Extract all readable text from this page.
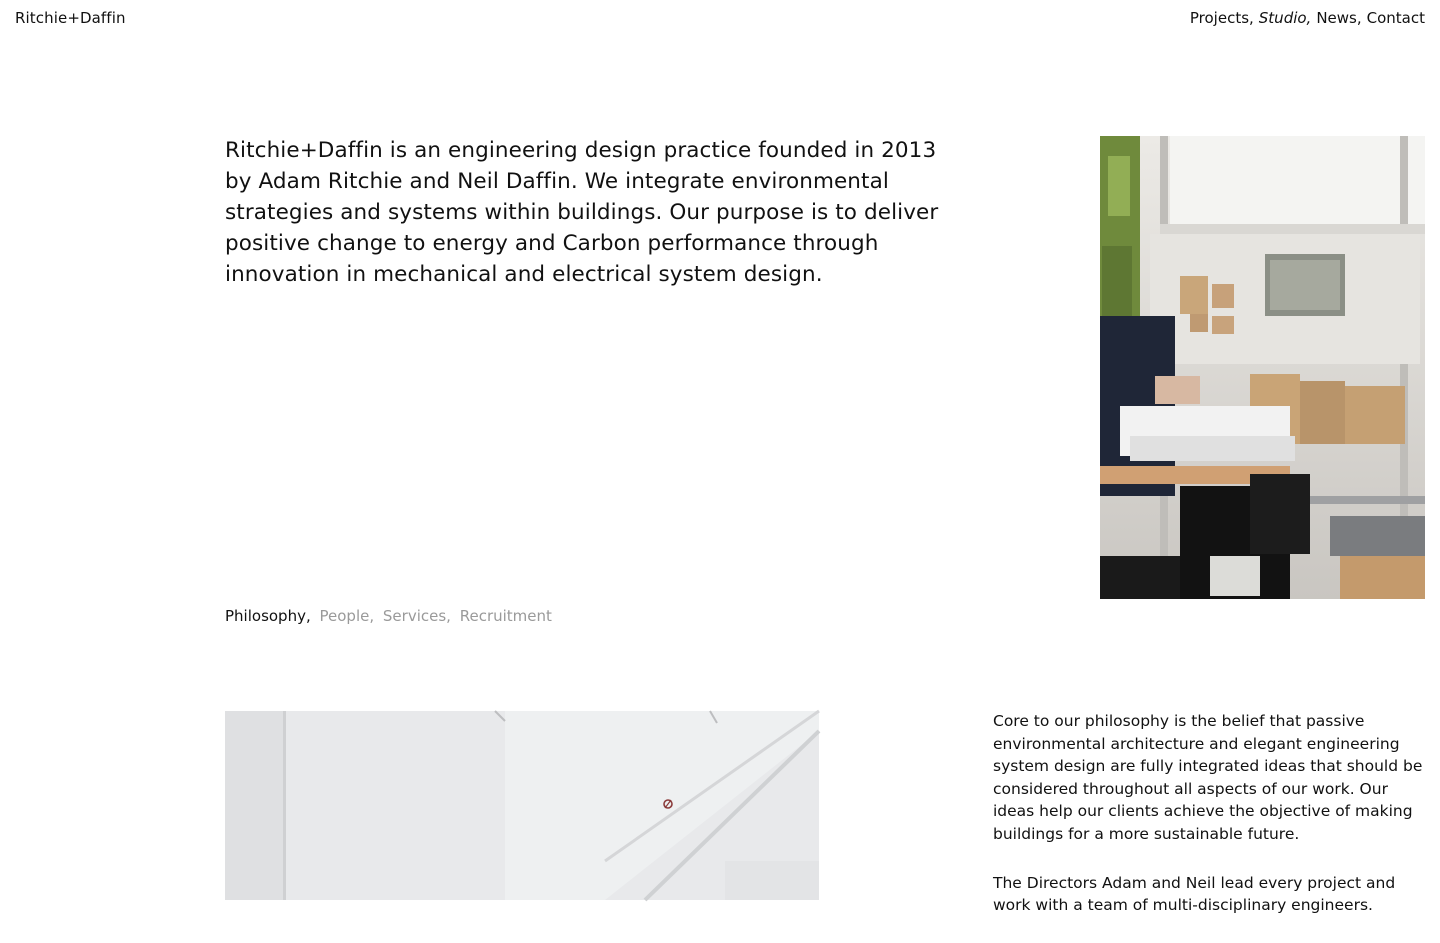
Ritchie+Daffin	Projects, Studio, News, Contact
Ritchie+Daffin is an engineering design practice founded in 2013 by Adam Ritchie and Neil Daffin. We integrate environmental strategies and systems within buildings. Our purpose is to deliver positive change to energy and Carbon performance through innovation in mechanical and electrical system design.
Philosophy, People, Services, Recruitment

Core to our philosophy is the belief that passive environmental architecture and elegant engineering system design are fully integrated ideas that should be considered throughout all aspects of our work. Our ideas help our clients achieve the objective of making buildings for a more sustainable future.

The Directors Adam and Neil lead every project and work with a team of multi-disciplinary engineers.
